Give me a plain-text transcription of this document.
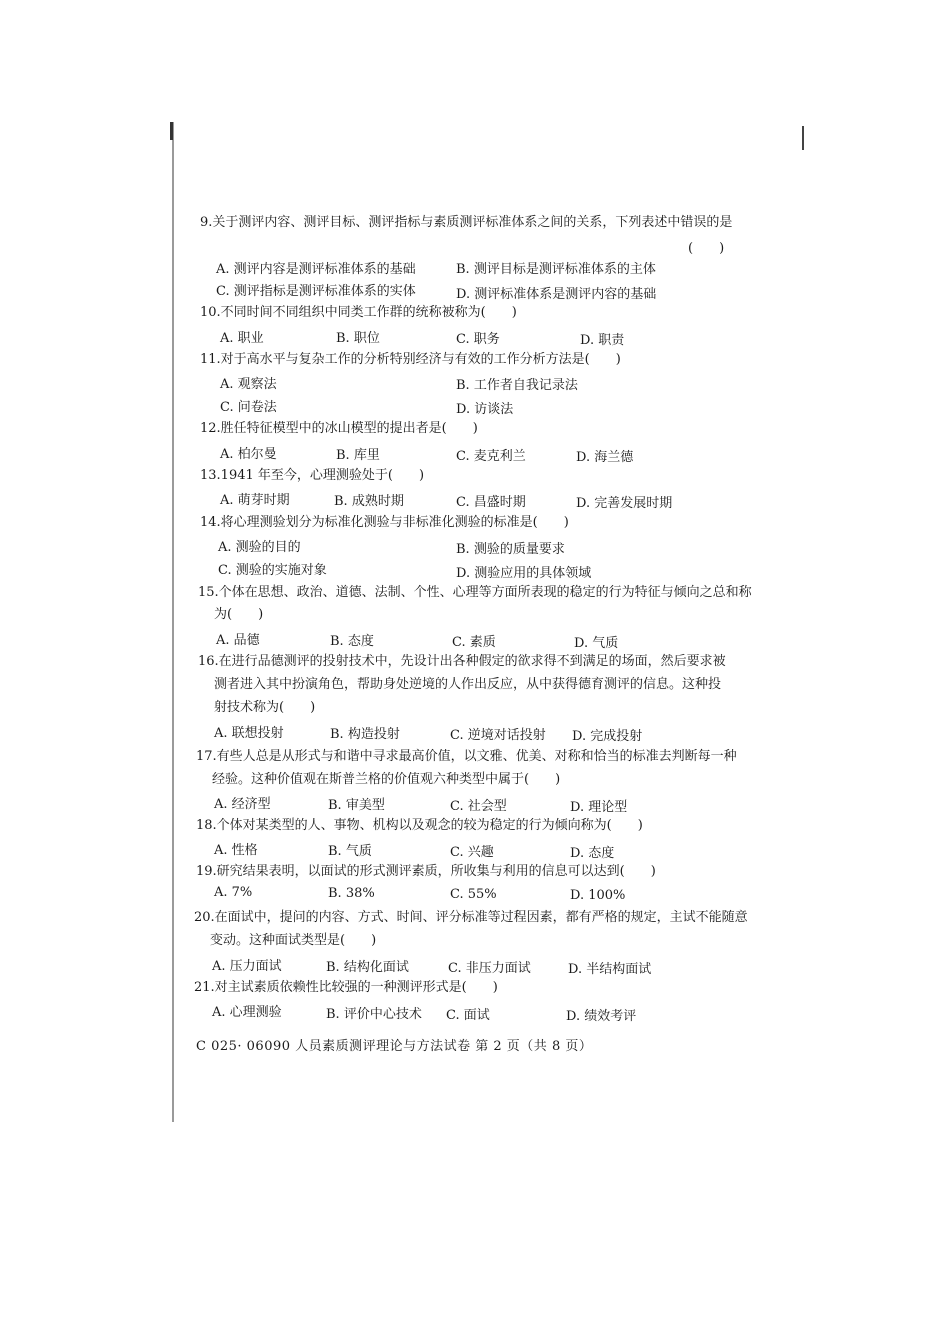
9.关于测评内容、测评目标、测评指标与素质测评标准体系之间的关系，下列表述中错误的是
(　　)
A. 测评内容是测评标准体系的基础	B. 测评目标是测评标准体系的主体
C. 测评指标是测评标准体系的实体	D. 测评标准体系是测评内容的基础
10.不同时间不同组织中同类工作群的统称被称为(　　)
A. 职业	B. 职位	C. 职务	D. 职责
11.对于高水平与复杂工作的分析特别经济与有效的工作分析方法是(　　)
A. 观察法	B. 工作者自我记录法
C. 问卷法	D. 访谈法
12.胜任特征模型中的冰山模型的提出者是(　　)
A. 柏尔曼	B. 库里	C. 麦克利兰	D. 海兰德
13.1941 年至今，心理测验处于(　　)
A. 萌芽时期	B. 成熟时期	C. 昌盛时期	D. 完善发展时期
14.将心理测验划分为标准化测验与非标准化测验的标准是(　　)
A. 测验的目的	B. 测验的质量要求
C. 测验的实施对象	D. 测验应用的具体领域
15.个体在思想、政治、道德、法制、个性、心理等方面所表现的稳定的行为特征与倾向之总和称
为(　　)
A. 品德	B. 态度	C. 素质	D. 气质
16.在进行品德测评的投射技术中，先设计出各种假定的欲求得不到满足的场面，然后要求被
测者进入其中扮演角色，帮助身处逆境的人作出反应，从中获得德育测评的信息。这种投
射技术称为(　　)
A. 联想投射	B. 构造投射	C. 逆境对话投射 D. 完成投射
17.有些人总是从形式与和谐中寻求最高价值，以文雅、优美、对称和恰当的标准去判断每一种
经验。这种价值观在斯普兰格的价值观六种类型中属于(　　)
A. 经济型	B. 审美型	C. 社会型	D. 理论型
18.个体对某类型的人、事物、机构以及观念的较为稳定的行为倾向称为(　　)
A. 性格	B. 气质	C. 兴趣	D. 态度
19.研究结果表明，以面试的形式测评素质，所收集与利用的信息可以达到(　　)
A. 7%	B. 38%	C. 55%	D. 100%
20.在面试中，提问的内容、方式、时间、评分标准等过程因素，都有严格的规定，主试不能随意
变动。这种面试类型是(　　)
A. 压力面试	B. 结构化面试	C. 非压力面试	D. 半结构面试
21.对主试素质依赖性比较强的一种测评形式是(　　)
A. 心理测验	B. 评价中心技术 C. 面试	D. 绩效考评
C 025· 06090 人员素质测评理论与方法试卷 第 2 页（共 8 页）
